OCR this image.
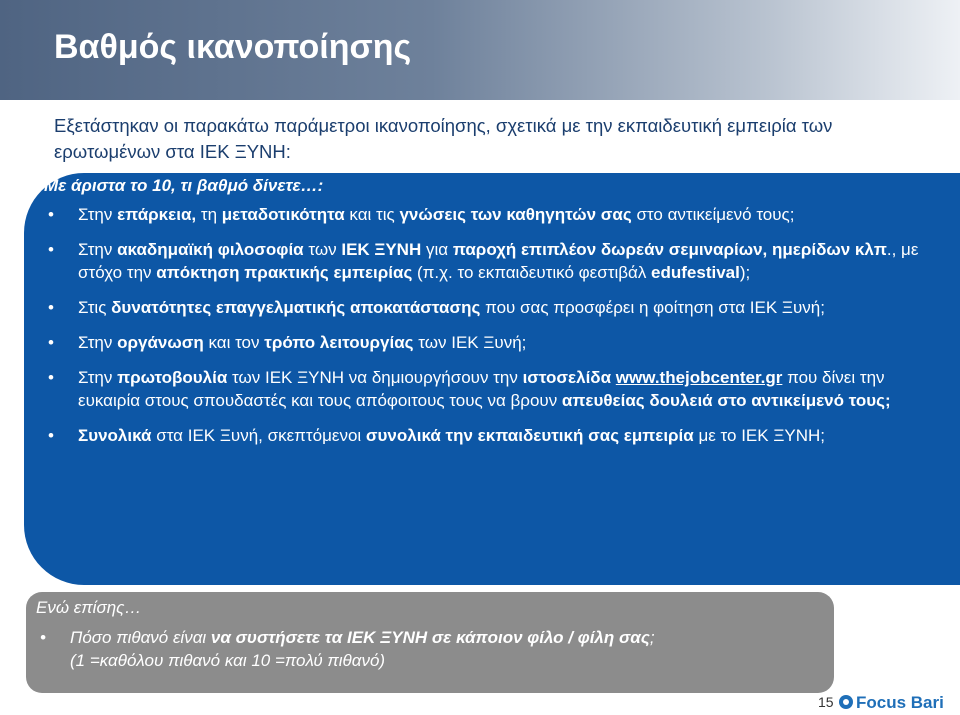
Βαθμός ικανοποίησης
Εξετάστηκαν οι παρακάτω παράμετροι ικανοποίησης, σχετικά με την εκπαιδευτική εμπειρία των ερωτωμένων στα ΙΕΚ ΞΥΝΗ:
Με άριστα το 10, τι βαθμό δίνετε…:
• Στην επάρκεια, τη μεταδοτικότητα και τις γνώσεις των καθηγητών σας στο αντικείμενό τους;
• Στην ακαδημαϊκή φιλοσοφία των ΙΕΚ ΞΥΝΗ για παροχή επιπλέον δωρεάν σεμιναρίων, ημερίδων κλπ., με στόχο την απόκτηση πρακτικής εμπειρίας (π.χ. το εκπαιδευτικό φεστιβάλ edufestival);
• Στις δυνατότητες επαγγελματικής αποκατάστασης που σας προσφέρει η φοίτηση στα ΙΕΚ Ξυνή;
• Στην οργάνωση και τον τρόπο λειτουργίας των ΙΕΚ Ξυνή;
• Στην πρωτοβουλία των ΙΕΚ ΞΥΝΗ να δημιουργήσουν την ιστοσελίδα www.thejobcenter.gr που δίνει την ευκαιρία στους σπουδαστές και τους απόφοιτους τους να βρουν απευθείας δουλειά στο αντικείμενό τους;
• Συνολικά στα ΙΕΚ Ξυνή, σκεπτόμενοι συνολικά την εκπαιδευτική σας εμπειρία με το ΙΕΚ ΞΥΝΗ;
Ενώ επίσης…
• Πόσο πιθανό είναι να συστήσετε τα ΙΕΚ ΞΥΝΗ σε κάποιον φίλο / φίλη σας;
(1 =καθόλου πιθανό και 10 =πολύ πιθανό)
15 Focus Bari
